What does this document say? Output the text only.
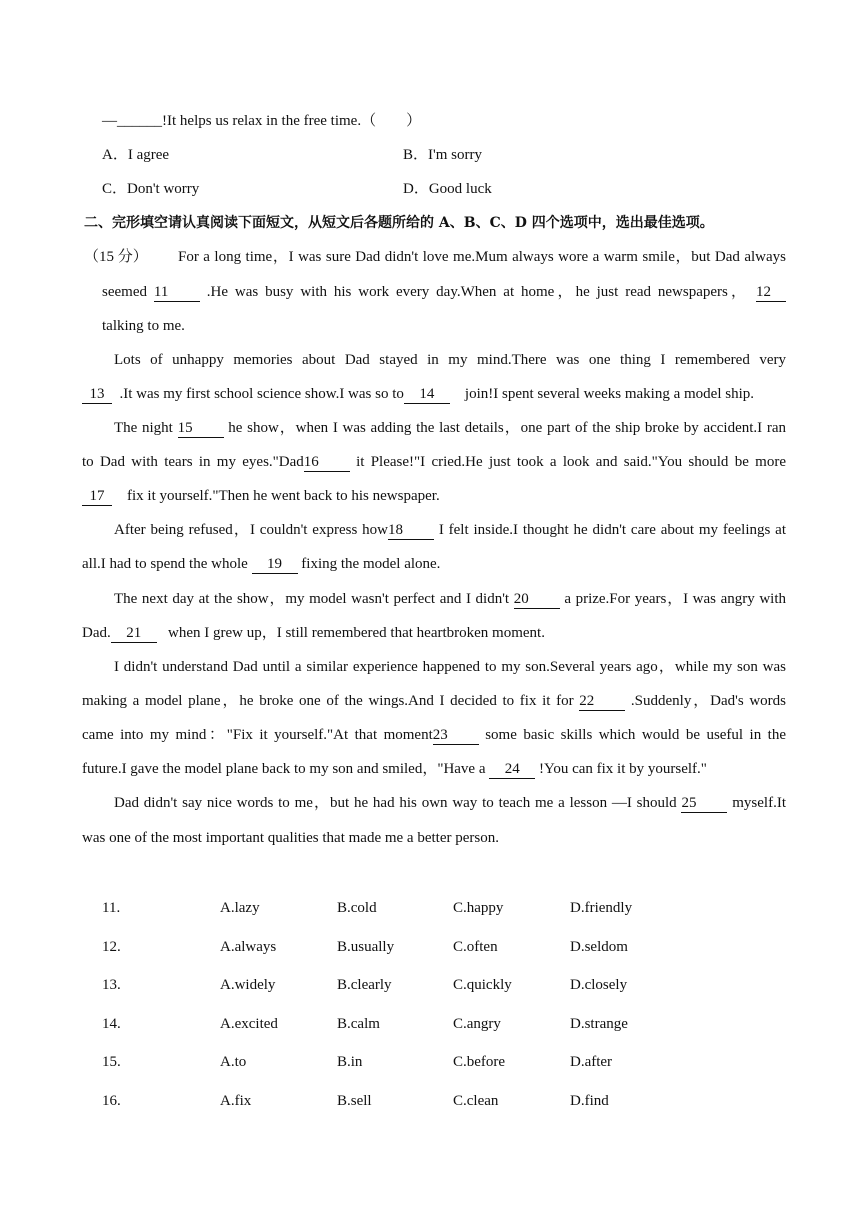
—______!It helps us relax in the free time.（　　）
A．I agree	B．I'm sorry
C．Don't worry	D．Good luck
二、完形填空请认真阅读下面短文，从短文后各题所给的 A、B、C、D 四个选项中，选出最佳选项。
（15 分） For a long time，I was sure Dad didn't love me.Mum always wore a warm smile，but Dad always
seemed 11	.He was busy with his work every day.When at home，he just read newspapers， 12
talking to me.
Lots of unhappy memories about Dad stayed in my mind.There was one thing I remembered very
13 .It was my first school science show.I was so to 14 join!I spent several weeks making a model ship.
The night 15 he show，when I was adding the last details，one part of the ship broke by accident.I ran
to Dad with tears in my eyes."Dad16 it Please!"I cried.He just took a look and said."You should be more
17 fix it yourself."Then he went back to his newspaper.
After being refused，I couldn't express how18 I felt inside.I thought he didn't care about my feelings at
all.I had to spend the whole 19 fixing the model alone.
The next day at the show，my model wasn't perfect and I didn't 20 a prize.For years，I was angry with
Dad. 21 when I grew up，I still remembered that heartbroken moment.
I didn't understand Dad until a similar experience happened to my son.Several years ago，while my son was
making a model plane，he broke one of the wings.And I decided to fix it for 22 .Suddenly，Dad's words
came into my mind："Fix it yourself."At that moment23 some basic skills which would be useful in the
future.I gave the model plane back to my son and smiled，"Have a 24 !You can fix it by yourself."
Dad didn't say nice words to me，but he had his own way to teach me a lesson —I should 25 myself.It
was one of the most important qualities that made me a better person.
11.	A.lazy	B.cold	C.happy	D.friendly
12.	A.always	B.usually	C.often	D.seldom
13.	A.widely	B.clearly	C.quickly	D.closely
14.	A.excited	B.calm	C.angry	D.strange
15.	A.to	B.in	C.before	D.after
16.	A.fix	B.sell	C.clean	D.find
